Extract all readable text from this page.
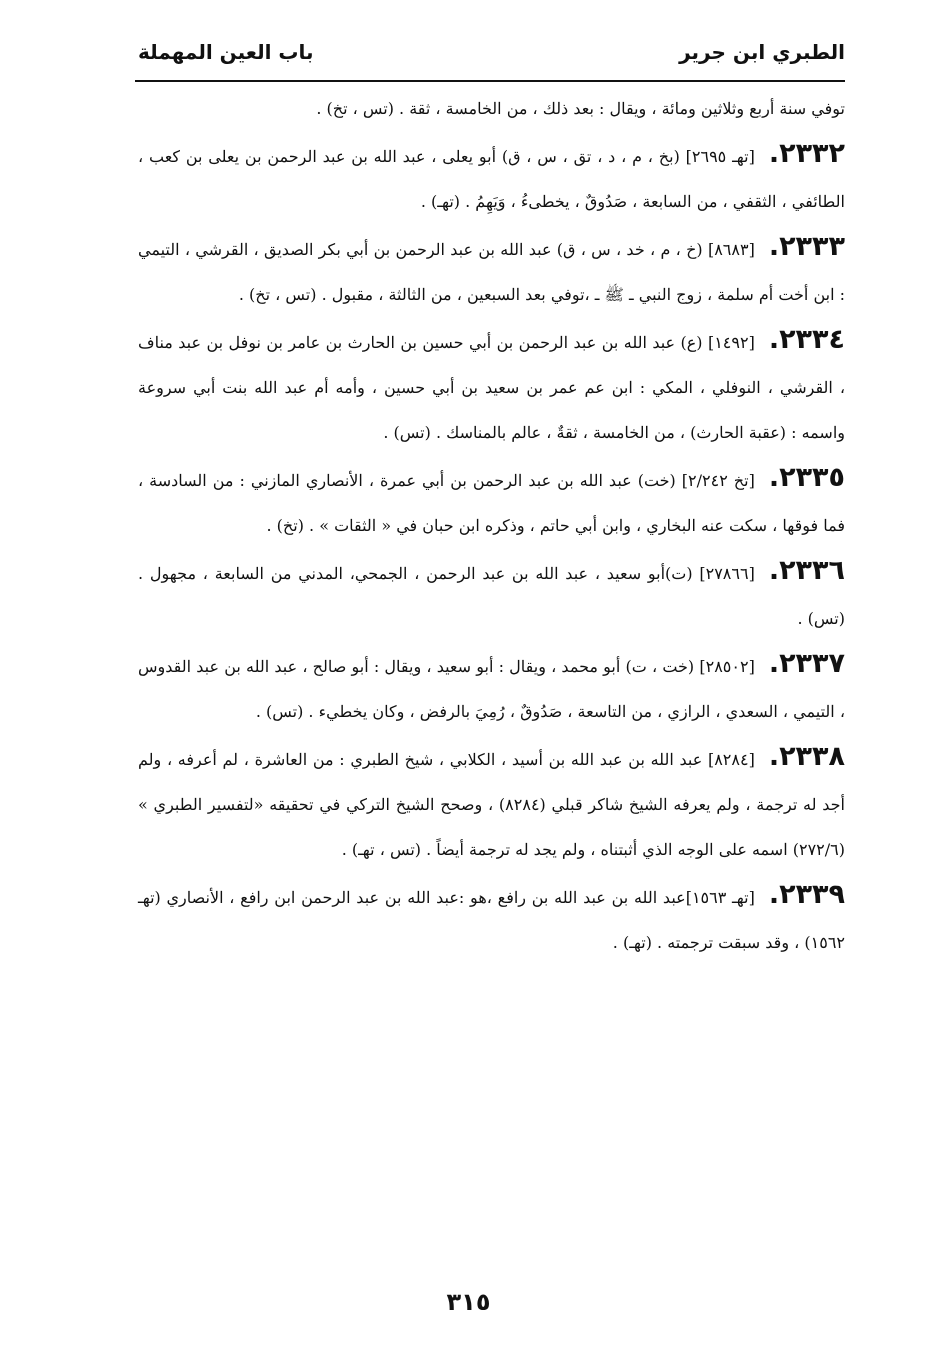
الطبري ابن جرير
باب العين المهملة

توفي سنة أربع وثلاثين ومائة ، ويقال : بعد ذلك ، من الخامسة ، ثقة . (تس ، تخ) .

٢٣٣٢.[تهـ ٢٦٩٥] (بخ ، م ، د ، تق ، س ، ق) أبو يعلى ، عبد الله بن عبد الرحمن بن يعلى بن كعب ، الطائفي ، الثقفي ، من السابعة ، صَدُوقٌ ، يخطىءُ ، وَيَهِمُ . (تهـ) .

٢٣٣٣.[٨٦٨٣] (خ ، م ، خد ، س ، ق) عبد الله بن عبد الرحمن بن أبي بكر الصديق ، القرشي ، التيمي : ابن أخت أم سلمة ، زوج النبي ـ ﷺ ـ ،توفي بعد السبعين ، من الثالثة ، مقبول . (تس ، تخ) .

٢٣٣٤.[١٤٩٢] (ع) عبد الله بن عبد الرحمن بن أبي حسين بن الحارث بن عامر بن نوفل بن عبد مناف ، القرشي ، النوفلي ، المكي : ابن عم عمر بن سعيد بن أبي حسين ، وأمه أم عبد الله بنت أبي سروعة واسمه : (عقبة الحارث) ، من الخامسة ، ثقةٌ ، عالم بالمناسك . (تس) .

٢٣٣٥.[تخ ٢/٢٤٢] (خت) عبد الله بن عبد الرحمن بن أبي عمرة ، الأنصاري المازني : من السادسة ، فما فوقها ، سكت عنه البخاري ، وابن أبي حاتم ، وذكره ابن حبان في « الثقات » . (تخ) .

٢٣٣٦.[٢٧٨٦٦] (ت)أبو سعيد ، عبد الله بن عبد الرحمن ، الجمحي، المدني من السابعة ، مجهول . (تس) .

٢٣٣٧.[٢٨٥٠٢] (خت ، ت) أبو محمد ، ويقال : أبو سعيد ، ويقال : أبو صالح ، عبد الله بن عبد القدوس ، التيمي ، السعدي ، الرازي ، من التاسعة ، صَدُوقٌ ، رُمِيَ بالرفض ، وكان يخطيء . (تس) .

٢٣٣٨.[٨٢٨٤] عبد الله بن عبد الله بن أسيد ، الكلابي ، شيخ الطبري : من العاشرة ، لم أعرفه ، ولم أجد له ترجمة ، ولم يعرفه الشيخ شاكر قبلي (٨٢٨٤) ، وصحح الشيخ التركي في تحقيقه «لتفسير الطبري » (٢٧٢/٦) اسمه على الوجه الذي أثبتناه ، ولم يجد له ترجمة أيضاً . (تس ، تهـ) .

٢٣٣٩.[تهـ ١٥٦٣]عبد الله بن عبد الله بن رافع ،هو :عبد الله بن عبد الرحمن ابن رافع ، الأنصاري (تهـ ١٥٦٢) ، وقد سبقت ترجمته . (تهـ) .

٣١٥
